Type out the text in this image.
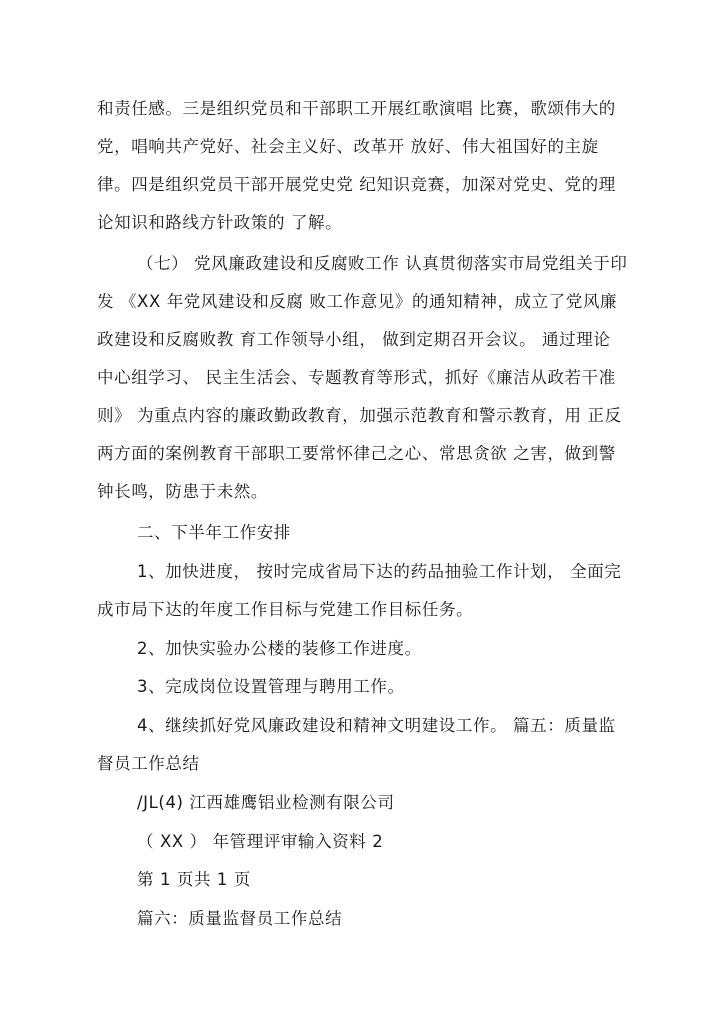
和责任感。三是组织党员和干部职工开展红歌演唱 比赛，歌颂伟大的
党，唱响共产党好、社会主义好、改革开 放好、伟大祖国好的主旋
律。四是组织党员干部开展党史党 纪知识竞赛，加深对党史、党的理
论知识和路线方针政策的 了解。
（七） 党风廉政建设和反腐败工作 认真贯彻落实市局党组关于印
发 《XX 年党风建设和反腐 败工作意见》的通知精神，成立了党风廉
政建设和反腐败教 育工作领导小组， 做到定期召开会议。 通过理论
中心组学习、 民主生活会、专题教育等形式，抓好《廉洁从政若干准
则》 为重点内容的廉政勤政教育，加强示范教育和警示教育，用 正反
两方面的案例教育干部职工要常怀律己之心、常思贪欲 之害，做到警
钟长鸣，防患于未然。
二、下半年工作安排
1、加快进度， 按时完成省局下达的药品抽验工作计划， 全面完
成市局下达的年度工作目标与党建工作目标任务。
2、加快实验办公楼的装修工作进度。
3、完成岗位设置管理与聘用工作。
4、继续抓好党风廉政建设和精神文明建设工作。 篇五：质量监
督员工作总结
/JL(4) 江西雄鹰铝业检测有限公司
（ XX ） 年管理评审输入资料 2
第 1 页共 1 页
篇六：质量监督员工作总结
